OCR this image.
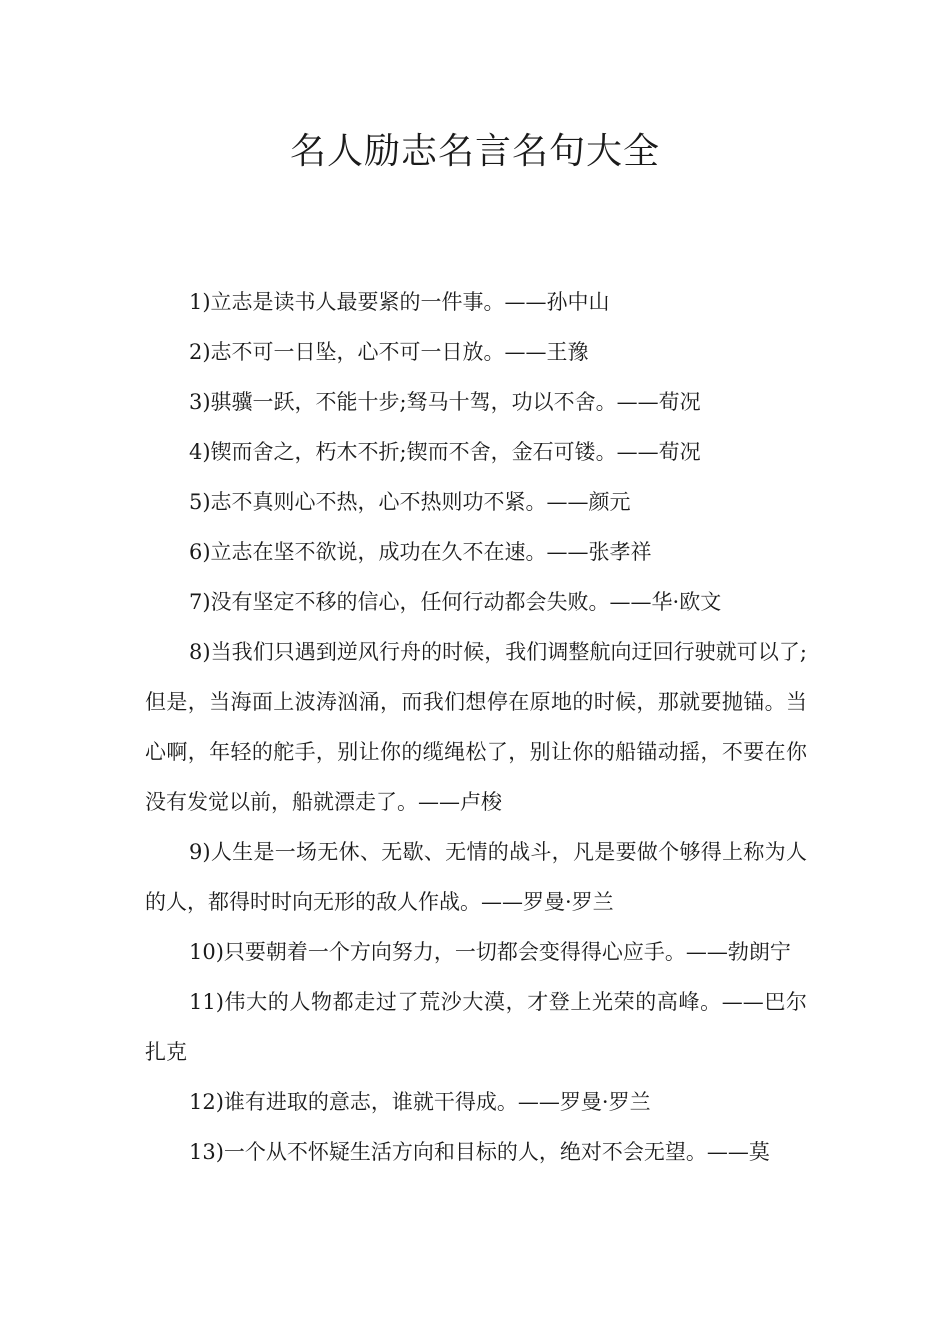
名人励志名言名句大全

1)立志是读书人最要紧的一件事。——孙中山

2)志不可一日坠，心不可一日放。——王豫

3)骐骥一跃，不能十步;驽马十驾，功以不舍。——荀况

4)锲而舍之，朽木不折;锲而不舍，金石可镂。——荀况

5)志不真则心不热，心不热则功不紧。——颜元

6)立志在坚不欲说，成功在久不在速。——张孝祥

7)没有坚定不移的信心，任何行动都会失败。——华·欧文

8)当我们只遇到逆风行舟的时候，我们调整航向迂回行驶就可以了;但是，当海面上波涛汹涌，而我们想停在原地的时候，那就要抛锚。当心啊，年轻的舵手，别让你的缆绳松了，别让你的船锚动摇，不要在你没有发觉以前，船就漂走了。——卢梭

9)人生是一场无休、无歇、无情的战斗，凡是要做个够得上称为人的人，都得时时向无形的敌人作战。——罗曼·罗兰

10)只要朝着一个方向努力，一切都会变得得心应手。——勃朗宁

11)伟大的人物都走过了荒沙大漠，才登上光荣的高峰。——巴尔扎克

12)谁有进取的意志，谁就干得成。——罗曼·罗兰

13)一个从不怀疑生活方向和目标的人，绝对不会无望。——莫
